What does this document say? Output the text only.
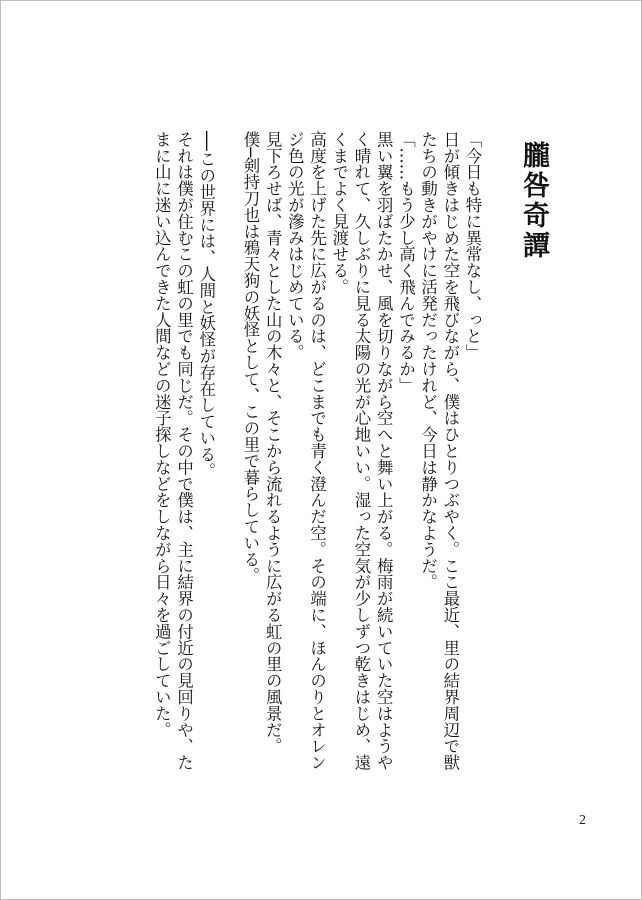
朧咎奇譚

「今日も特に異常なし、っと」

日が傾きはじめた空を飛びながら、僕はひとりつぶやく。ここ最近、里の結界周辺で獣たちの動きがやけに活発だったけれど、今日は静かなようだ。

「……もう少し高く飛んでみるか」

黒い翼を羽ばたかせ、風を切りながら空へと舞い上がる。梅雨が続いていた空はようやく晴れて、久しぶりに見る太陽の光が心地いい。湿った空気が少しずつ乾きはじめ、遠くまでよく見渡せる。

高度を上げた先に広がるのは、どこまでも青く澄んだ空。その端に、ほんのりとオレンジ色の光が滲みはじめている。

見下ろせば、青々とした山の木々と、そこから流れるように広がる虹の里の風景だ。

僕─剣持刀也は鴉天狗の妖怪として、この里で暮らしている。

──この世界には、人間と妖怪が存在している。

それは僕が住むこの虹の里でも同じだ。その中で僕は、主に結界の付近の見回りや、たまに山に迷い込んできた人間などの迷子探しなどをしながら日々を過ごしていた。

2
